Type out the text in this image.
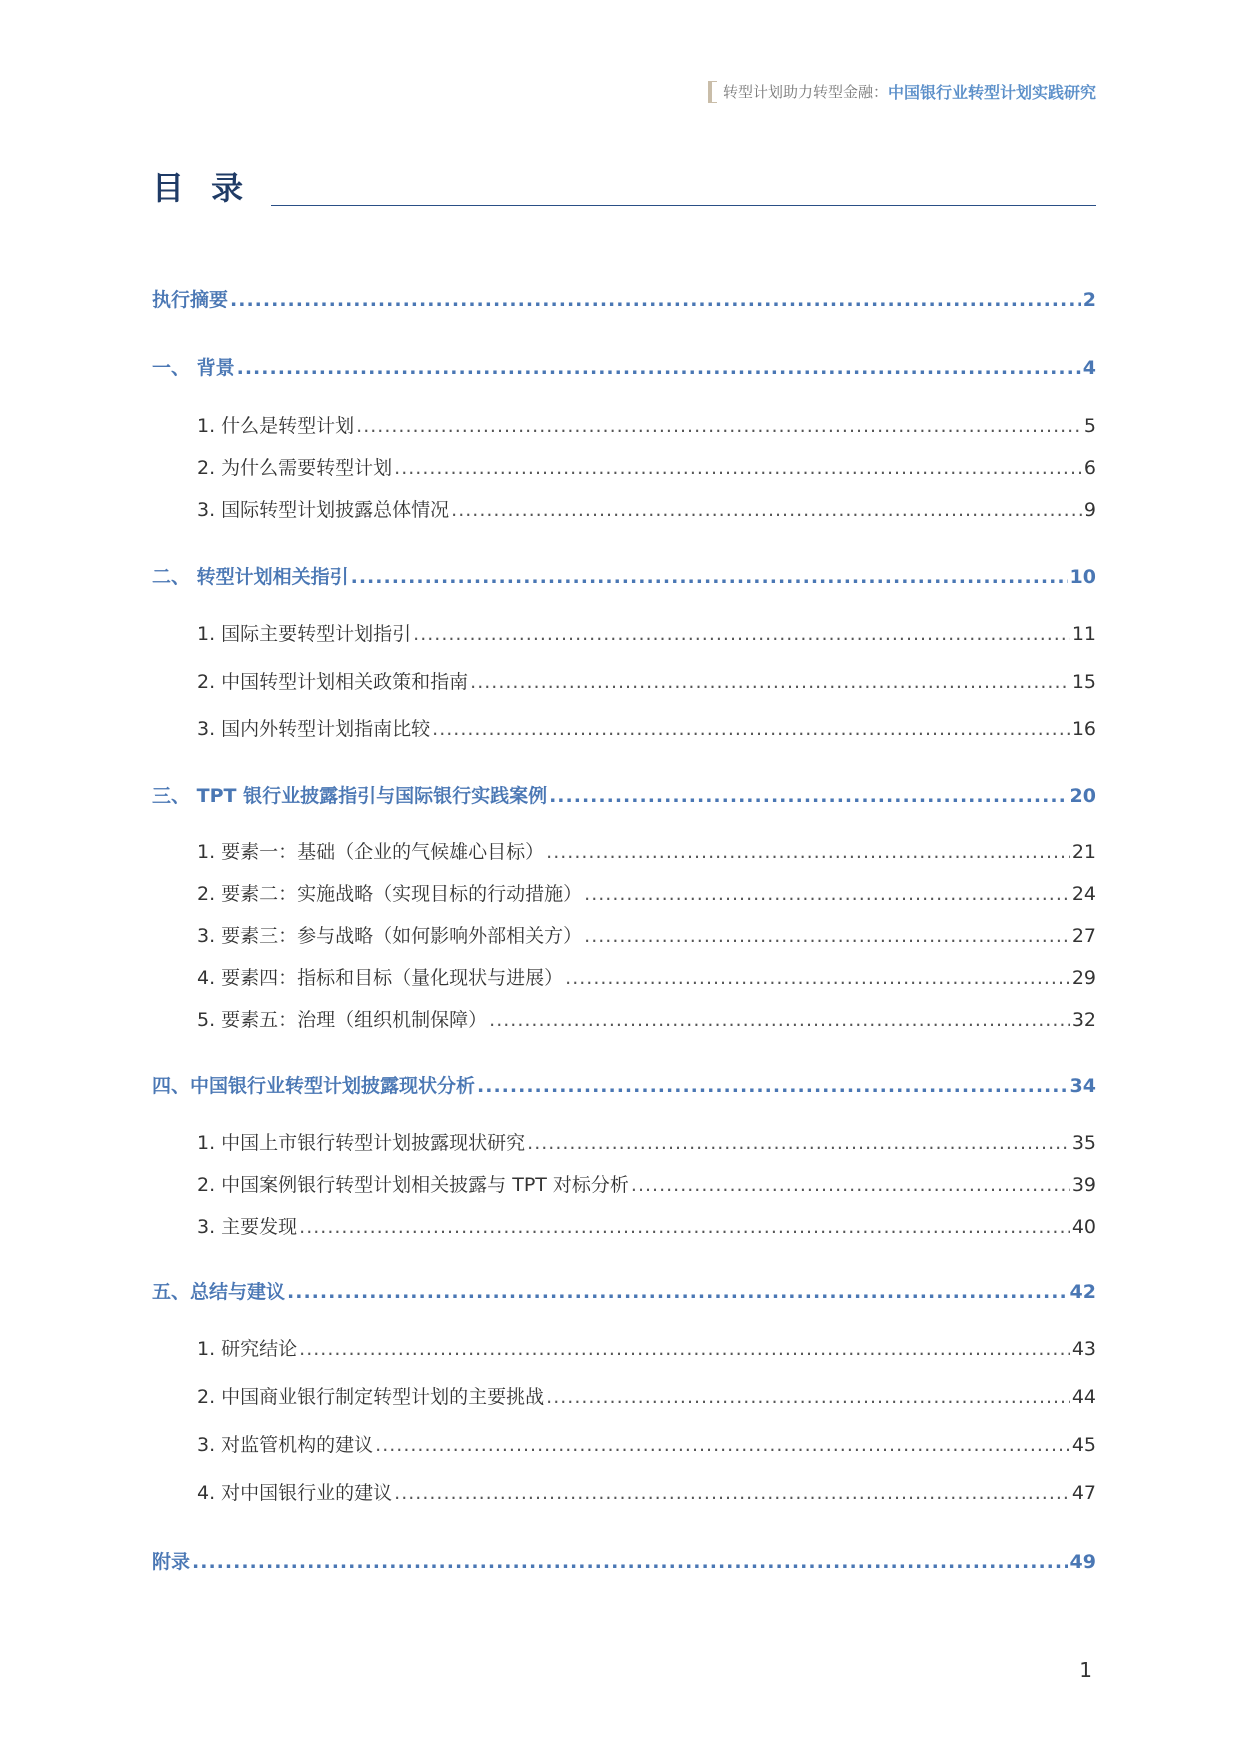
转型计划助力转型金融： 中国银行业转型计划实践研究
目 录
执行摘要 .....	2
一、 背景 .....	4
1. 什么是转型计划 .....	5
2. 为什么需要转型计划 .....	6
3. 国际转型计划披露总体情况 .....	9
二、 转型计划相关指引 .....	10
1. 国际主要转型计划指引 .....	11
2. 中国转型计划相关政策和指南 .....	15
3. 国内外转型计划指南比较 .....	16
三、 TPT 银行业披露指引与国际银行实践案例 .....	20
1. 要素一：基础（企业的气候雄心目标） .....	21
2. 要素二：实施战略（实现目标的行动措施） .....	24
3. 要素三：参与战略（如何影响外部相关方） .....	27
4. 要素四：指标和目标（量化现状与进展） .....	29
5. 要素五：治理（组织机制保障） .....	32
四、中国银行业转型计划披露现状分析 .....	34
1. 中国上市银行转型计划披露现状研究 .....	35
2. 中国案例银行转型计划相关披露与 TPT 对标分析 .....	39
3. 主要发现 .....	40
五、总结与建议 .....	42
1. 研究结论 .....	43
2. 中国商业银行制定转型计划的主要挑战 .....	44
3. 对监管机构的建议 .....	45
4. 对中国银行业的建议 .....	47
附录 .....	49
1
